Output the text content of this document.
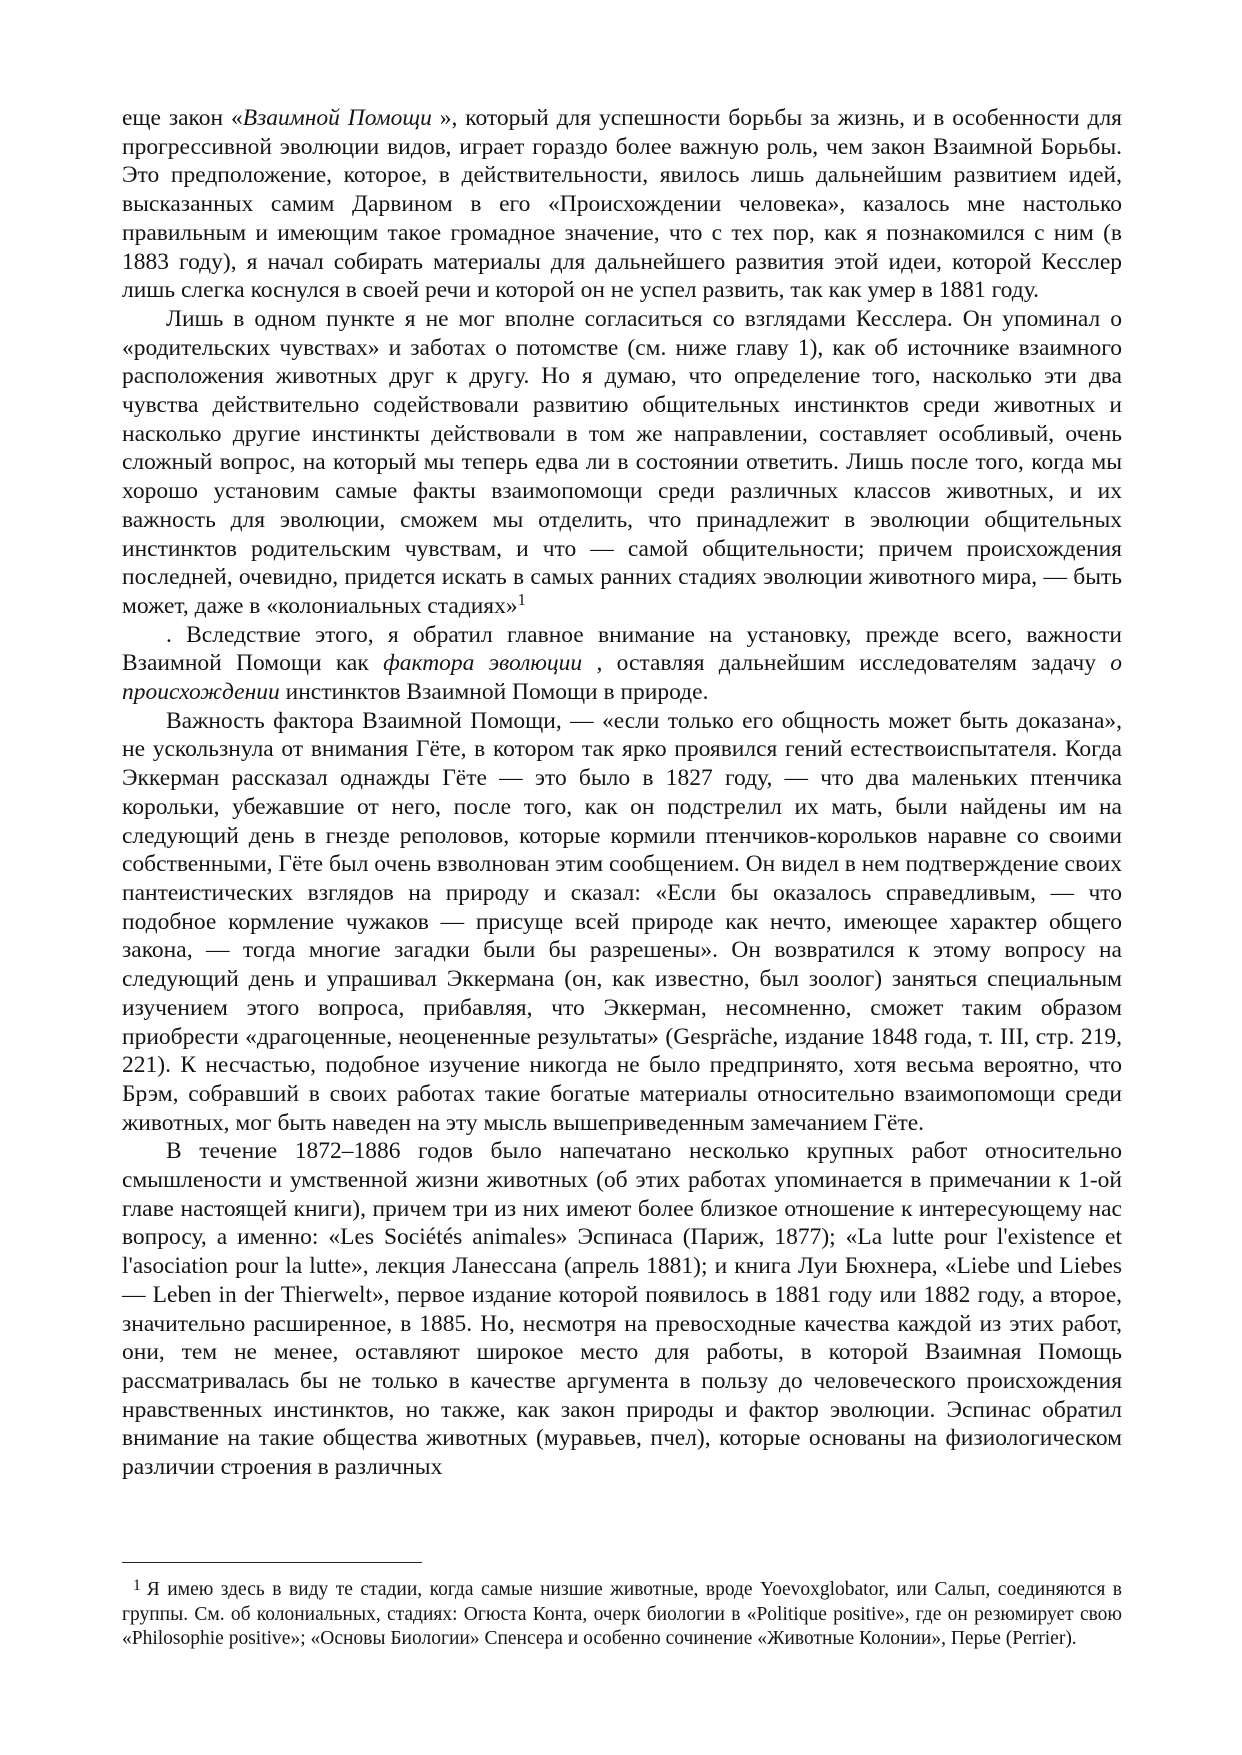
еще закон «Взаимной Помощи », который для успешности борьбы за жизнь, и в особенности для прогрессивной эволюции видов, играет гораздо более важную роль, чем закон Взаимной Борьбы. Это предположение, которое, в действительности, явилось лишь дальнейшим развитием идей, высказанных самим Дарвином в его «Происхождении человека», казалось мне настолько правильным и имеющим такое громадное значение, что с тех пор, как я познакомился с ним (в 1883 году), я начал собирать материалы для дальнейшего развития этой идеи, которой Кесслер лишь слегка коснулся в своей речи и которой он не успел развить, так как умер в 1881 году.

Лишь в одном пункте я не мог вполне согласиться со взглядами Кесслера. Он упоминал о «родительских чувствах» и заботах о потомстве (см. ниже главу 1), как об источнике взаимного расположения животных друг к другу. Но я думаю, что определение того, насколько эти два чувства действительно содействовали развитию общительных инстинктов среди животных и насколько другие инстинкты действовали в том же направлении, составляет особливый, очень сложный вопрос, на который мы теперь едва ли в состоянии ответить. Лишь после того, когда мы хорошо установим самые факты взаимопомощи среди различных классов животных, и их важность для эволюции, сможем мы отделить, что принадлежит в эволюции общительных инстинктов родительским чувствам, и что — самой общительности; причем происхождения последней, очевидно, придется искать в самых ранних стадиях эволюции животного мира, — быть может, даже в «колониальных стадиях»$^1$

. Вследствие этого, я обратил главное внимание на установку, прежде всего, важности Взаимной Помощи как фактора эволюции , оставляя дальнейшим исследователям задачу о происхождении инстинктов Взаимной Помощи в природе.

Важность фактора Взаимной Помощи, — «если только его общность может быть доказана», не ускользнула от внимания Гёте, в котором так ярко проявился гений естествоиспытателя. Когда Эккерман рассказал однажды Гёте — это было в 1827 году, — что два маленьких птенчика корольки, убежавшие от него, после того, как он подстрелил их мать, были найдены им на следующий день в гнезде реполовов, которые кормили птенчиков-корольков наравне со своими собственными, Гёте был очень взволнован этим сообщением. Он видел в нем подтверждение своих пантеистических взглядов на природу и сказал: «Если бы оказалось справедливым, — что подобное кормление чужаков — присуще всей природе как нечто, имеющее характер общего закона, — тогда многие загадки были бы разрешены». Он возвратился к этому вопросу на следующий день и упрашивал Эккермана (он, как известно, был зоолог) заняться специальным изучением этого вопроса, прибавляя, что Эккерман, несомненно, сможет таким образом приобрести «драгоценные, неоцененные результаты» (Gespräche, издание 1848 года, т. III, стр. 219, 221). К несчастью, подобное изучение никогда не было предпринято, хотя весьма вероятно, что Брэм, собравший в своих работах такие богатые материалы относительно взаимопомощи среди животных, мог быть наведен на эту мысль вышеприведенным замечанием Гёте.

В течение 1872–1886 годов было напечатано несколько крупных работ относительно смышлености и умственной жизни животных (об этих работах упоминается в примечании к 1-ой главе настоящей книги), причем три из них имеют более близкое отношение к интересующему нас вопросу, а именно: «Les Sociétés animales» Эспинаса (Париж, 1877); «La lutte pour l'existence et l'asociation pour la lutte», лекция Ланессана (апрель 1881); и книга Луи Бюхнера, «Liebe und Liebes — Leben in der Thierwelt», первое издание которой появилось в 1881 году или 1882 году, а второе, значительно расширенное, в 1885. Но, несмотря на превосходные качества каждой из этих работ, они, тем не менее, оставляют широкое место для работы, в которой Взаимная Помощь рассматривалась бы не только в качестве аргумента в пользу до человеческого происхождения нравственных инстинктов, но также, как закон природы и фактор эволюции. Эспинас обратил внимание на такие общества животных (муравьев, пчел), которые основаны на физиологическом различии строения в различных

$^1$ Я имею здесь в виду те стадии, когда самые низшие животные, вроде Yoevoxglobator, или Сальп, соединяются в группы. См. об колониальных, стадиях: Огюста Конта, очерк биологии в «Politique positive», где он резюмирует свою «Philosophie positive»; «Основы Биологии» Спенсера и особенно сочинение «Животные Колонии», Перье (Perrier).
